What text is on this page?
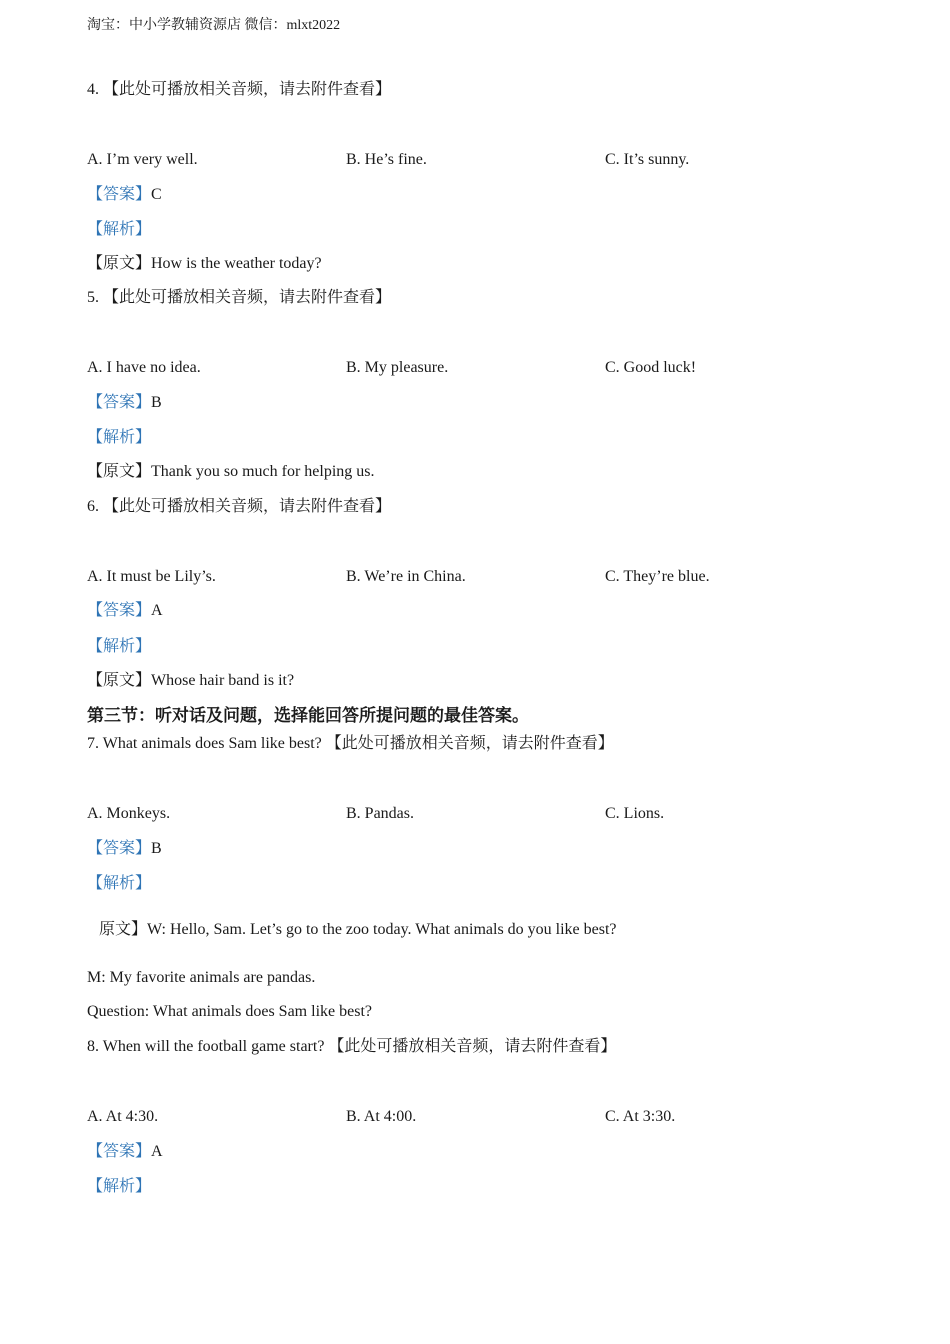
淘宝：中小学教辅资源店 微信：mlxt2022
4. 【此处可播放相关音频，请去附件查看】
A. I’m very well.	B. He’s fine.	C. It’s sunny.
【答案】C
【解析】
【原文】How is the weather today?
5. 【此处可播放相关音频，请去附件查看】
A. I have no idea.	B. My pleasure.	C. Good luck!
【答案】B
【解析】
【原文】Thank you so much for helping us.
6. 【此处可播放相关音频，请去附件查看】
A. It must be Lily’s.	B. We’re in China.	C. They’re blue.
【答案】A
【解析】
【原文】Whose hair band is it?
第三节：听对话及问题，选择能回答所提问题的最佳答案。
7. What animals does Sam like best? 【此处可播放相关音频，请去附件查看】
A. Monkeys.	B. Pandas.	C. Lions.
【答案】B
【解析】
原文】W: Hello, Sam. Let’s go to the zoo today. What animals do you like best?
M: My favorite animals are pandas.
Question: What animals does Sam like best?
8. When will the football game start? 【此处可播放相关音频，请去附件查看】
A. At 4:30.	B. At 4:00.	C. At 3:30.
【答案】A
【解析】
